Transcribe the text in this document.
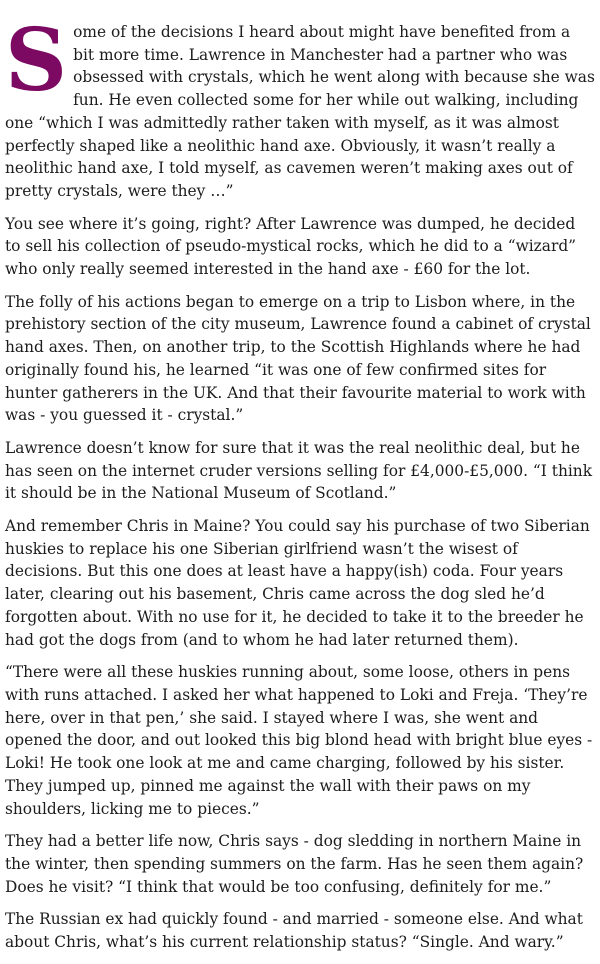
Some of the decisions I heard about might have benefited from a bit more time. Lawrence in Manchester had a partner who was obsessed with crystals, which he went along with because she was fun. He even collected some for her while out walking, including one “which I was admittedly rather taken with myself, as it was almost perfectly shaped like a neolithic hand axe. Obviously, it wasn’t really a neolithic hand axe, I told myself, as cavemen weren’t making axes out of pretty crystals, were they …”

You see where it’s going, right? After Lawrence was dumped, he decided to sell his collection of pseudo-mystical rocks, which he did to a “wizard” who only really seemed interested in the hand axe - £60 for the lot.

The folly of his actions began to emerge on a trip to Lisbon where, in the prehistory section of the city museum, Lawrence found a cabinet of crystal hand axes. Then, on another trip, to the Scottish Highlands where he had originally found his, he learned “it was one of few confirmed sites for hunter gatherers in the UK. And that their favourite material to work with was - you guessed it - crystal.”

Lawrence doesn’t know for sure that it was the real neolithic deal, but he has seen on the internet cruder versions selling for £4,000-£5,000. “I think it should be in the National Museum of Scotland.”

And remember Chris in Maine? You could say his purchase of two Siberian huskies to replace his one Siberian girlfriend wasn’t the wisest of decisions. But this one does at least have a happy(ish) coda. Four years later, clearing out his basement, Chris came across the dog sled he’d forgotten about. With no use for it, he decided to take it to the breeder he had got the dogs from (and to whom he had later returned them).

“There were all these huskies running about, some loose, others in pens with runs attached. I asked her what happened to Loki and Freja. ‘They’re here, over in that pen,’ she said. I stayed where I was, she went and opened the door, and out looked this big blond head with bright blue eyes - Loki! He took one look at me and came charging, followed by his sister. They jumped up, pinned me against the wall with their paws on my shoulders, licking me to pieces.”

They had a better life now, Chris says - dog sledding in northern Maine in the winter, then spending summers on the farm. Has he seen them again? Does he visit? “I think that would be too confusing, definitely for me.”

The Russian ex had quickly found - and married - someone else. And what about Chris, what’s his current relationship status? “Single. And wary.”
